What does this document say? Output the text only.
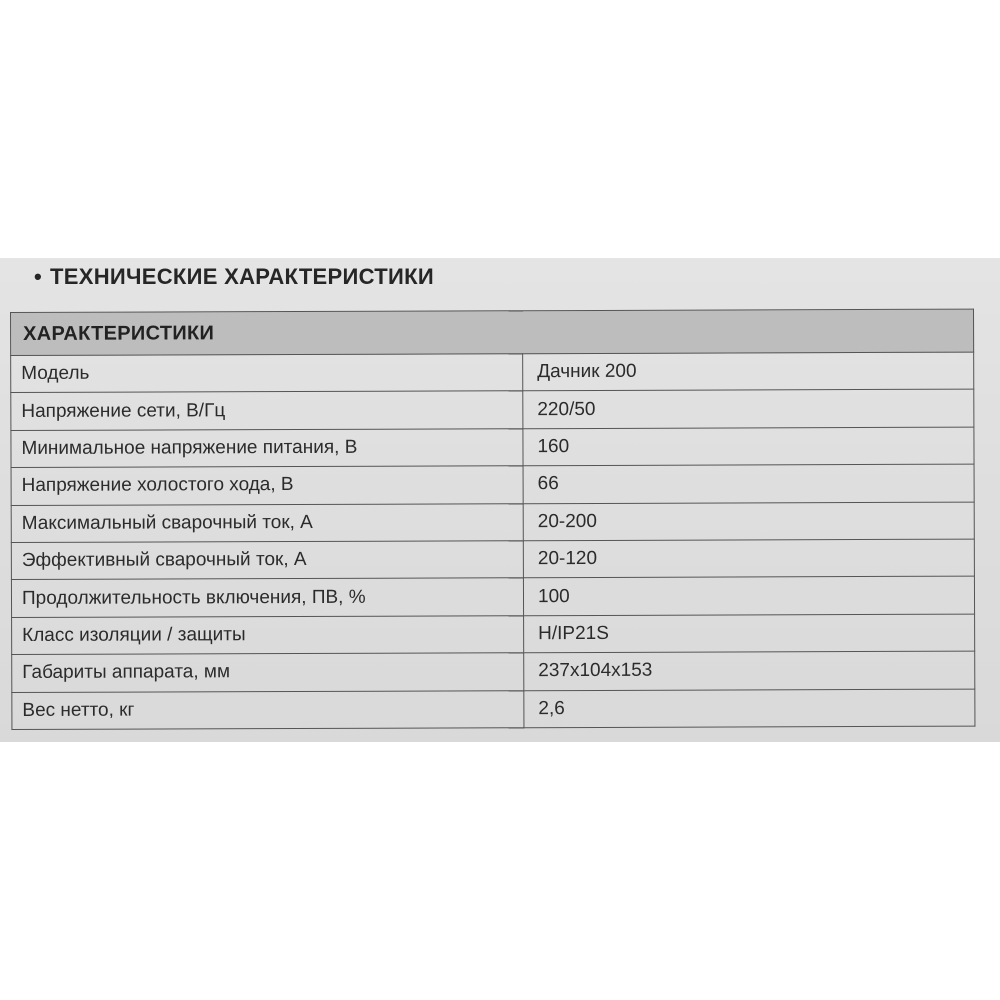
• ТЕХНИЧЕСКИЕ ХАРАКТЕРИСТИКИ
ХАРАКТЕРИСТИКИ	
Модель	Дачник 200
Напряжение сети, В/Гц	220/50
Минимальное напряжение питания, В	160
Напряжение холостого хода, В	66
Максимальный сварочный ток, А	20-200
Эффективный сварочный ток, А	20-120
Продолжительность включения, ПВ, %	100
Класс изоляции / защиты	H/IP21S
Габариты аппарата, мм	237x104x153
Вес нетто, кг	2,6
